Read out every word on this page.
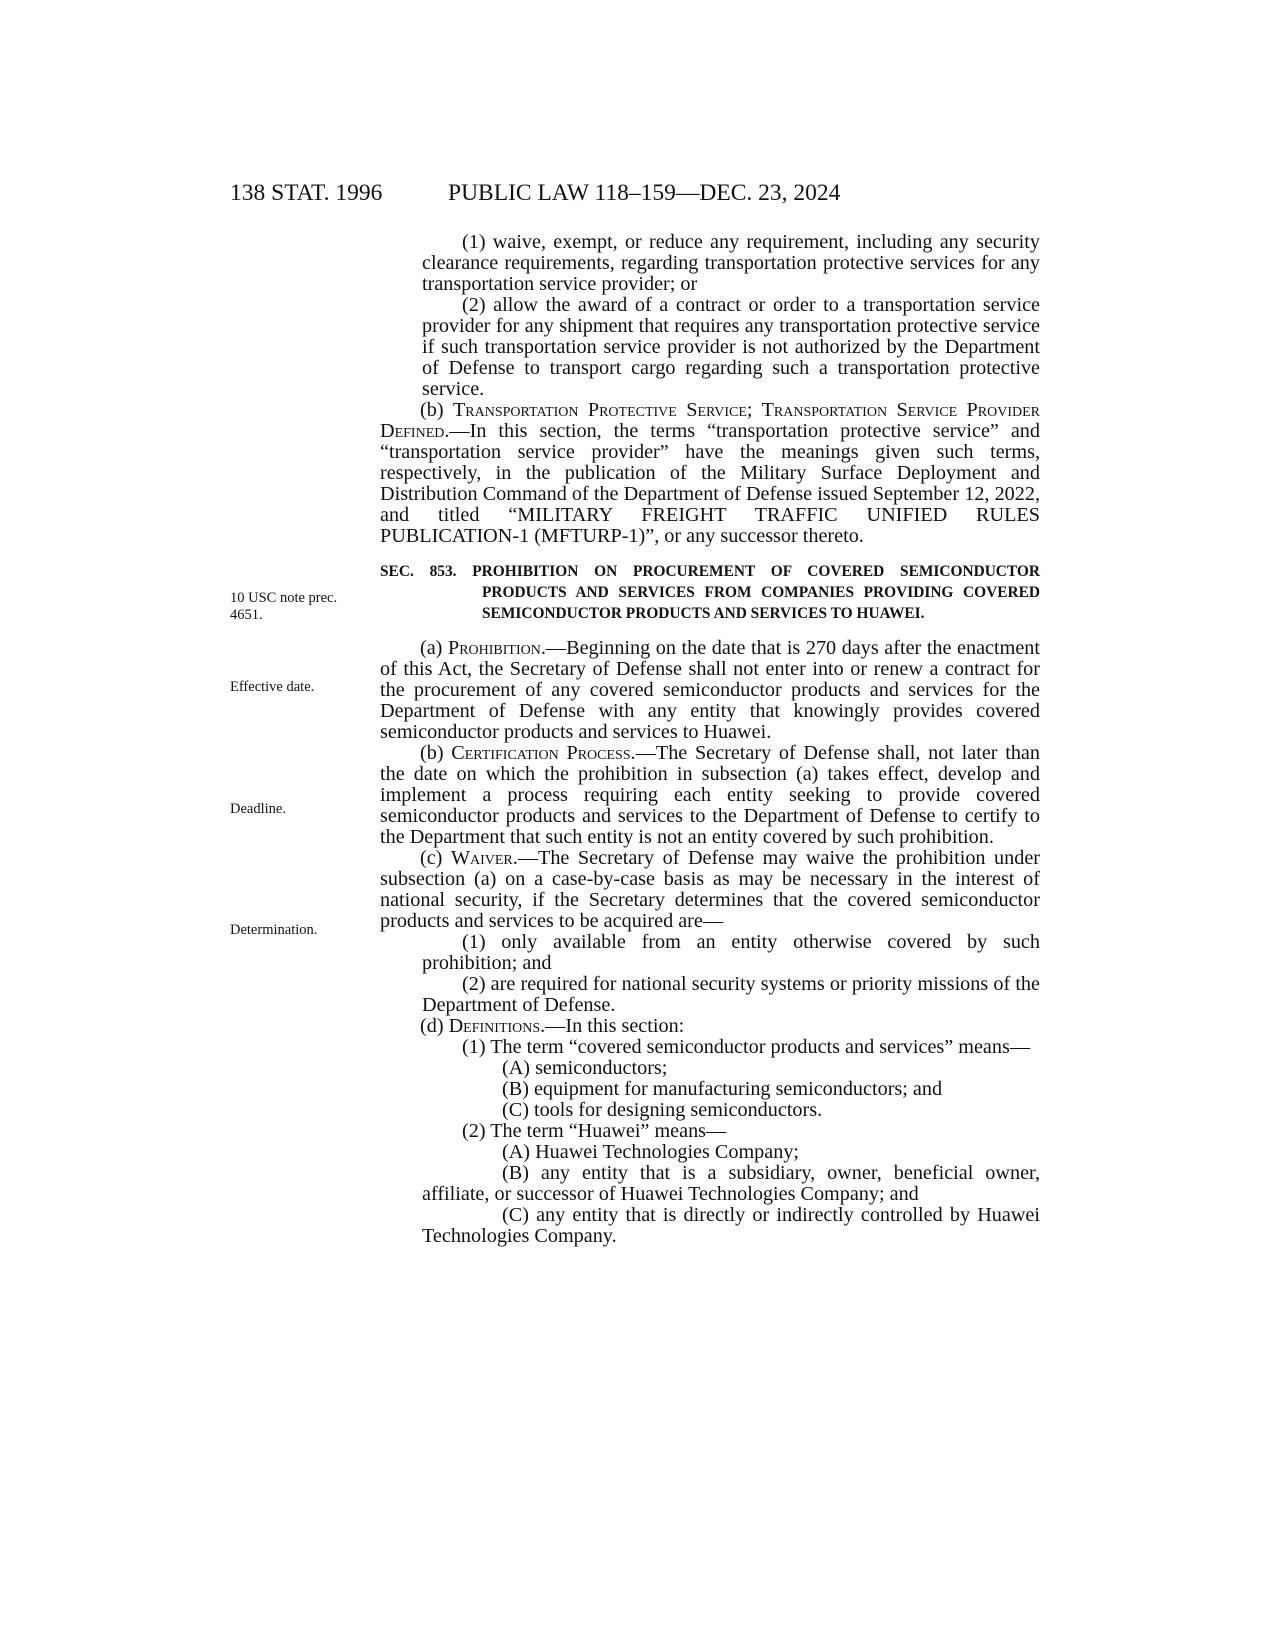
138 STAT. 1996	PUBLIC LAW 118–159—DEC. 23, 2024
10 USC note prec. 4651.
Effective date.
Deadline.
Determination.

(1) waive, exempt, or reduce any requirement, including any security clearance requirements, regarding transportation protective services for any transportation service provider; or

(2) allow the award of a contract or order to a transportation service provider for any shipment that requires any transportation protective service if such transportation service provider is not authorized by the Department of Defense to transport cargo regarding such a transportation protective service.

(b) Transportation Protective Service; Transportation Service Provider Defined.—In this section, the terms “transportation protective service” and “transportation service provider” have the meanings given such terms, respectively, in the publication of the Military Surface Deployment and Distribution Command of the Department of Defense issued September 12, 2022, and titled “MILITARY FREIGHT TRAFFIC UNIFIED RULES PUBLICATION-1 (MFTURP-1)”, or any successor thereto.

SEC. 853. PROHIBITION ON PROCUREMENT OF COVERED SEMICONDUCTOR PRODUCTS AND SERVICES FROM COMPANIES PROVIDING COVERED SEMICONDUCTOR PRODUCTS AND SERVICES TO HUAWEI.

(a) Prohibition.—Beginning on the date that is 270 days after the enactment of this Act, the Secretary of Defense shall not enter into or renew a contract for the procurement of any covered semiconductor products and services for the Department of Defense with any entity that knowingly provides covered semiconductor products and services to Huawei.

(b) Certification Process.—The Secretary of Defense shall, not later than the date on which the prohibition in subsection (a) takes effect, develop and implement a process requiring each entity seeking to provide covered semiconductor products and services to the Department of Defense to certify to the Department that such entity is not an entity covered by such prohibition.

(c) Waiver.—The Secretary of Defense may waive the prohibition under subsection (a) on a case-by-case basis as may be necessary in the interest of national security, if the Secretary determines that the covered semiconductor products and services to be acquired are—

(1) only available from an entity otherwise covered by such prohibition; and

(2) are required for national security systems or priority missions of the Department of Defense.

(d) Definitions.—In this section:

(1) The term “covered semiconductor products and services” means—

(A) semiconductors;

(B) equipment for manufacturing semiconductors; and

(C) tools for designing semiconductors.

(2) The term “Huawei” means—

(A) Huawei Technologies Company;

(B) any entity that is a subsidiary, owner, beneficial owner, affiliate, or successor of Huawei Technologies Company; and

(C) any entity that is directly or indirectly controlled by Huawei Technologies Company.
